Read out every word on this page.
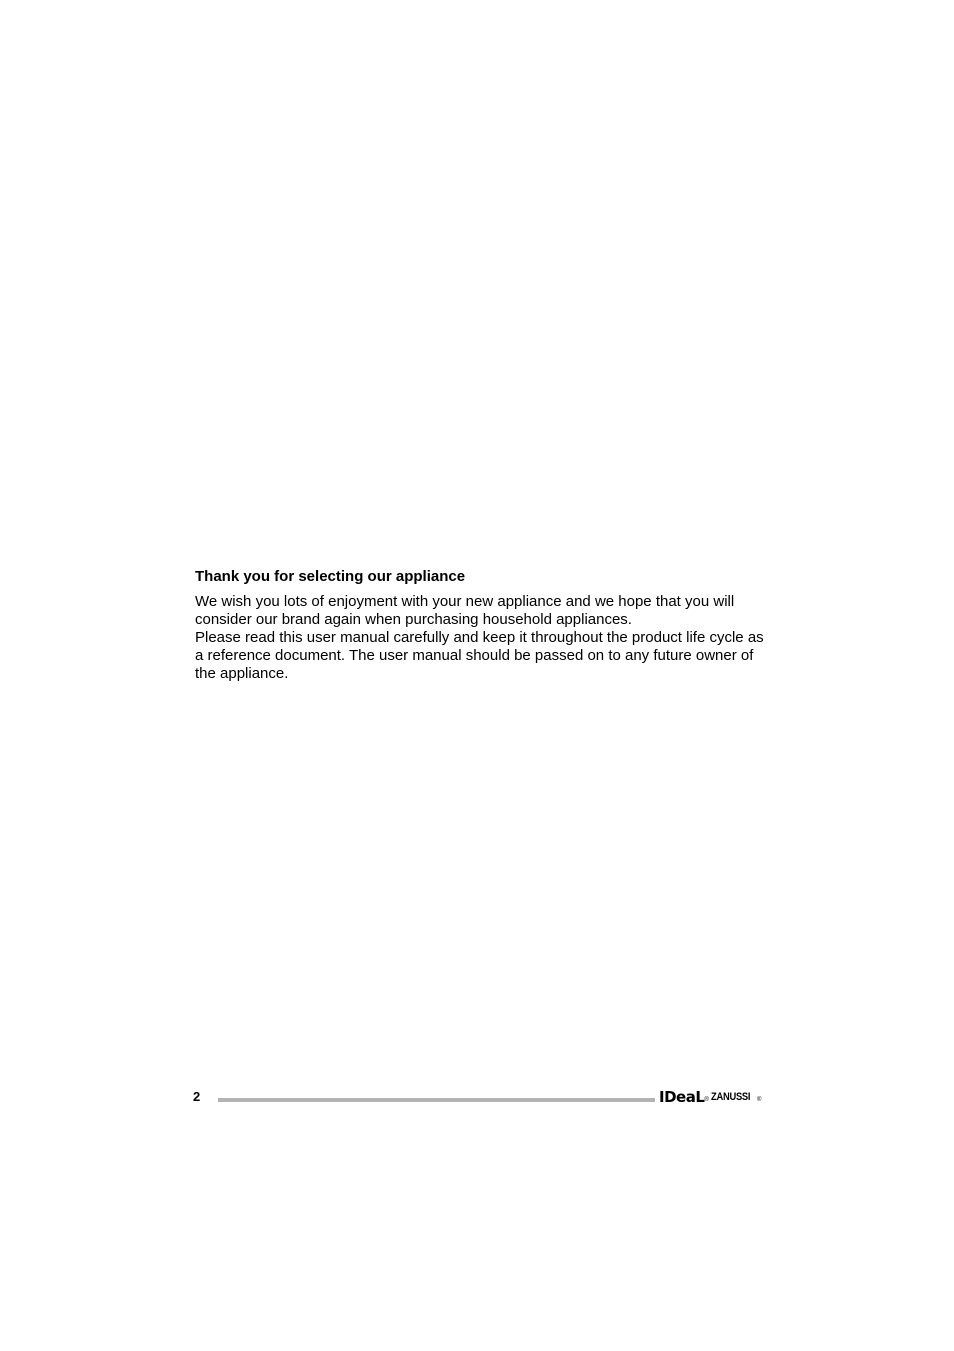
Thank you for selecting our appliance

We wish you lots of enjoyment with your new appliance and we hope that you will consider our brand again when purchasing household appliances.

Please read this user manual carefully and keep it throughout the product life cycle as a reference document. The user manual should be passed on to any future owner of the appliance.

2	IDeaL® ZANUSSI ®
